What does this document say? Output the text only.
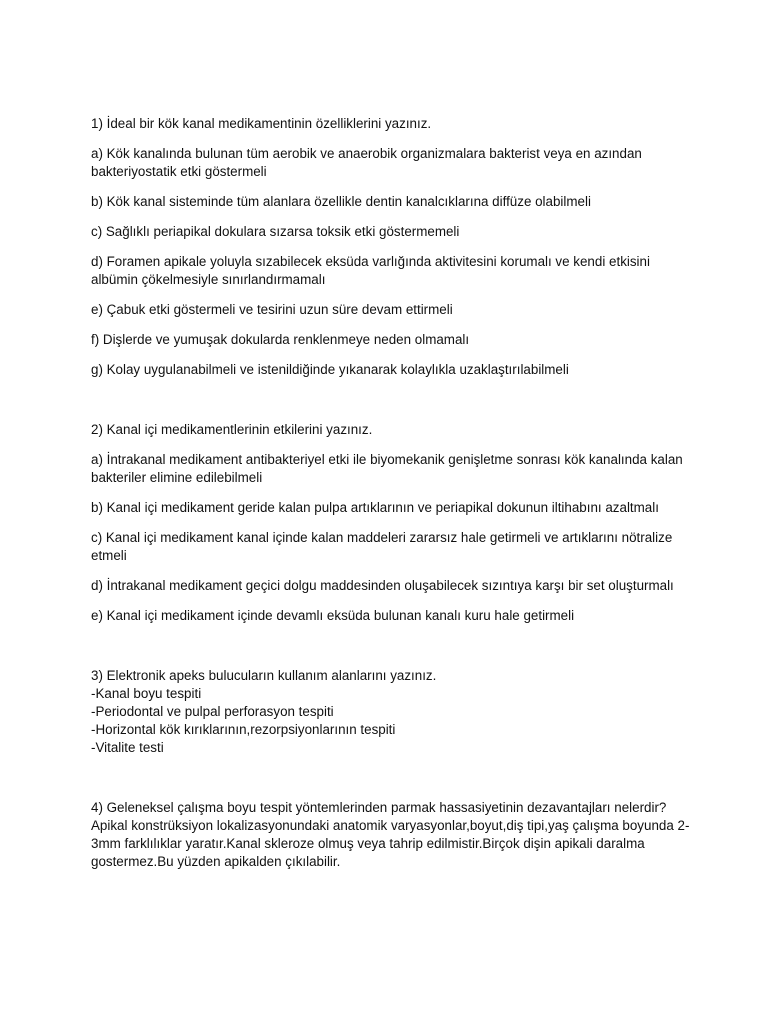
1) İdeal bir kök kanal medikamentinin özelliklerini yazınız.

a) Kök kanalında bulunan tüm aerobik ve anaerobik organizmalara bakterist veya en azından bakteriyostatik etki göstermeli

b) Kök kanal sisteminde tüm alanlara özellikle dentin kanalcıklarına diffüze olabilmeli

c) Sağlıklı periapikal dokulara sızarsa toksik etki göstermemeli

d) Foramen apikale yoluyla sızabilecek eksüda varlığında aktivitesini korumalı ve kendi etkisini albümin çökelmesiyle sınırlandırmamalı

e) Çabuk etki göstermeli ve tesirini uzun süre devam ettirmeli

f) Dişlerde ve yumuşak dokularda renklenmeye neden olmamalı

g) Kolay uygulanabilmeli ve istenildiğinde yıkanarak kolaylıkla uzaklaştırılabilmeli

2) Kanal içi medikamentlerinin etkilerini yazınız.

a) İntrakanal medikament antibakteriyel etki ile biyomekanik genişletme sonrası kök kanalında kalan bakteriler elimine edilebilmeli

b) Kanal içi medikament geride kalan pulpa artıklarının ve periapikal dokunun iltihabını azaltmalı

c) Kanal içi medikament kanal içinde kalan maddeleri zararsız hale getirmeli ve artıklarını nötralize etmeli

d) İntrakanal medikament geçici dolgu maddesinden oluşabilecek sızıntıya karşı bir set oluşturmalı

e) Kanal içi medikament içinde devamlı eksüda bulunan kanalı kuru hale getirmeli

3) Elektronik apeks bulucuların kullanım alanlarını yazınız.
-Kanal boyu tespiti
-Periodontal ve pulpal perforasyon tespiti
-Horizontal kök kırıklarının,rezorpsiyonlarının tespiti
-Vitalite testi
4) Geleneksel çalışma boyu tespit yöntemlerinden parmak hassasiyetinin dezavantajları nelerdir?
Apikal konstrüksiyon lokalizasyonundaki anatomik varyasyonlar,boyut,diş tipi,yaş çalışma boyunda 2-3mm farklılıklar yaratır.Kanal skleroze olmuş veya tahrip edilmistir.Birçok dişin apikali daralma gostermez.Bu yüzden apikalden çıkılabilir.
